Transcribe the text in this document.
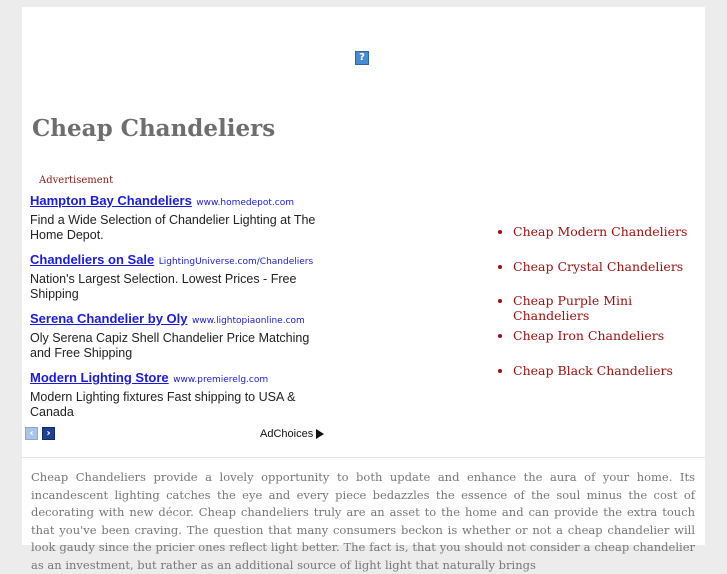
?
Cheap Chandeliers
Advertisement
Hampton Bay Chandeliers www.homedepot.com
Find a Wide Selection of Chandelier Lighting at The Home Depot.
Chandeliers on Sale LightingUniverse.com/Chandeliers
Nation's Largest Selection. Lowest Prices - Free Shipping
Serena Chandelier by Oly www.lightopiaonline.com
Oly Serena Capiz Shell Chandelier Price Matching and Free Shipping
Modern Lighting Store www.premierelg.com
Modern Lighting fixtures Fast shipping to USA & Canada
‹	›	AdChoices
Cheap Modern Chandeliers
Cheap Crystal Chandeliers
Cheap Purple Mini Chandeliers
Cheap Iron Chandeliers
Cheap Black Chandeliers

Cheap Chandeliers provide a lovely opportunity to both update and enhance the aura of your home. Its incandescent lighting catches the eye and every piece bedazzles the essence of the soul minus the cost of decorating with new décor. Cheap chandeliers truly are an asset to the home and can provide the extra touch that you've been craving. The question that many consumers beckon is whether or not a cheap chandelier will look gaudy since the pricier ones reflect light better. The fact is, that you should not consider a cheap chandelier as an investment, but rather as an additional source of light light that naturally brings
